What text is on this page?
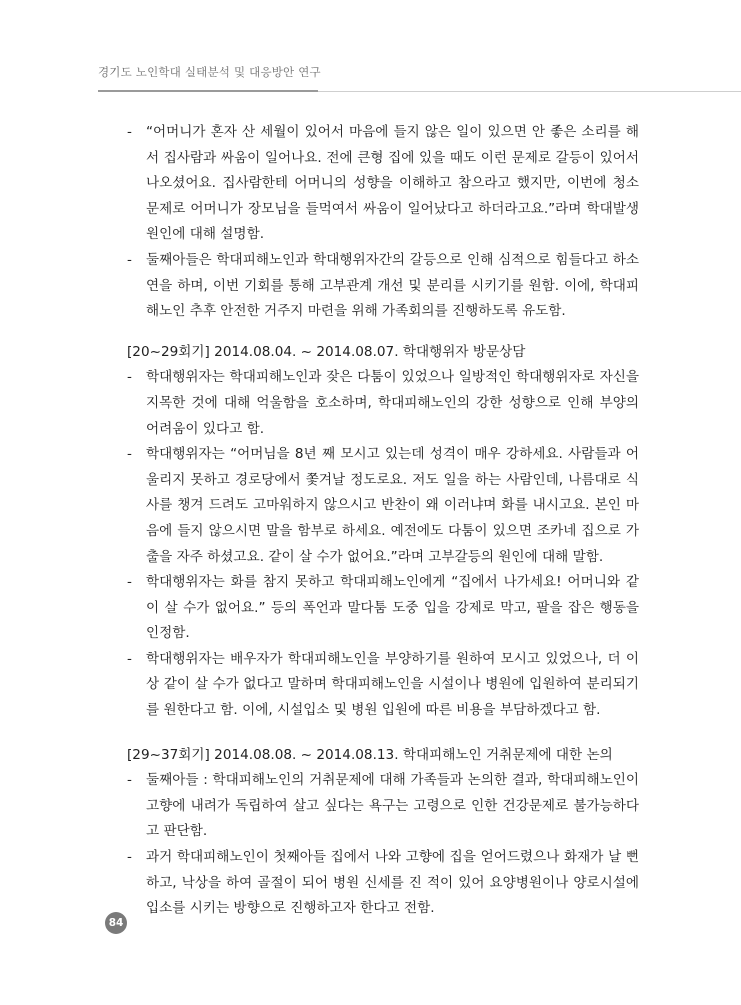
경기도 노인학대 실태분석 및 대응방안 연구
-	“어머니가 혼자 산 세월이 있어서 마음에 들지 않은 일이 있으면 안 좋은 소리를 해서 집사람과 싸움이 일어나요. 전에 큰형 집에 있을 때도 이런 문제로 갈등이 있어서 나오셨어요. 집사람한테 어머니의 성향을 이해하고 참으라고 했지만, 이번에 청소 문제로 어머니가 장모님을 들먹여서 싸움이 일어났다고 하더라고요.”라며 학대발생 원인에 대해 설명함.
-	둘째아들은 학대피해노인과 학대행위자간의 갈등으로 인해 심적으로 힘들다고 하소연을 하며, 이번 기회를 통해 고부관계 개선 및 분리를 시키기를 원함. 이에, 학대피해노인 추후 안전한 거주지 마련을 위해 가족회의를 진행하도록 유도함.
[20~29회기] 2014.08.04. ~ 2014.08.07. 학대행위자 방문상담
-	학대행위자는 학대피해노인과 잦은 다툼이 있었으나 일방적인 학대행위자로 자신을 지목한 것에 대해 억울함을 호소하며, 학대피해노인의 강한 성향으로 인해 부양의 어려움이 있다고 함.
-	학대행위자는 “어머님을 8년 째 모시고 있는데 성격이 매우 강하세요. 사람들과 어울리지 못하고 경로당에서 쫓겨날 정도로요. 저도 일을 하는 사람인데, 나름대로 식사를 챙겨 드려도 고마워하지 않으시고 반찬이 왜 이러냐며 화를 내시고요. 본인 마음에 들지 않으시면 말을 함부로 하세요. 예전에도 다툼이 있으면 조카네 집으로 가출을 자주 하셨고요. 같이 살 수가 없어요.”라며 고부갈등의 원인에 대해 말함.
-	학대행위자는 화를 참지 못하고 학대피해노인에게 “집에서 나가세요! 어머니와 같이 살 수가 없어요.” 등의 폭언과 말다툼 도중 입을 강제로 막고, 팔을 잡은 행동을 인정함.
-	학대행위자는 배우자가 학대피해노인을 부양하기를 원하여 모시고 있었으나, 더 이상 같이 살 수가 없다고 말하며 학대피해노인을 시설이나 병원에 입원하여 분리되기를 원한다고 함. 이에, 시설입소 및 병원 입원에 따른 비용을 부담하겠다고 함.
[29~37회기] 2014.08.08. ~ 2014.08.13. 학대피해노인 거취문제에 대한 논의
-	둘째아들 : 학대피해노인의 거취문제에 대해 가족들과 논의한 결과, 학대피해노인이 고향에 내려가 독립하여 살고 싶다는 욕구는 고령으로 인한 건강문제로 불가능하다고 판단함.
-	과거 학대피해노인이 첫째아들 집에서 나와 고향에 집을 얻어드렸으나 화재가 날 뻔 하고, 낙상을 하여 골절이 되어 병원 신세를 진 적이 있어 요양병원이나 양로시설에 입소를 시키는 방향으로 진행하고자 한다고 전함.
84
